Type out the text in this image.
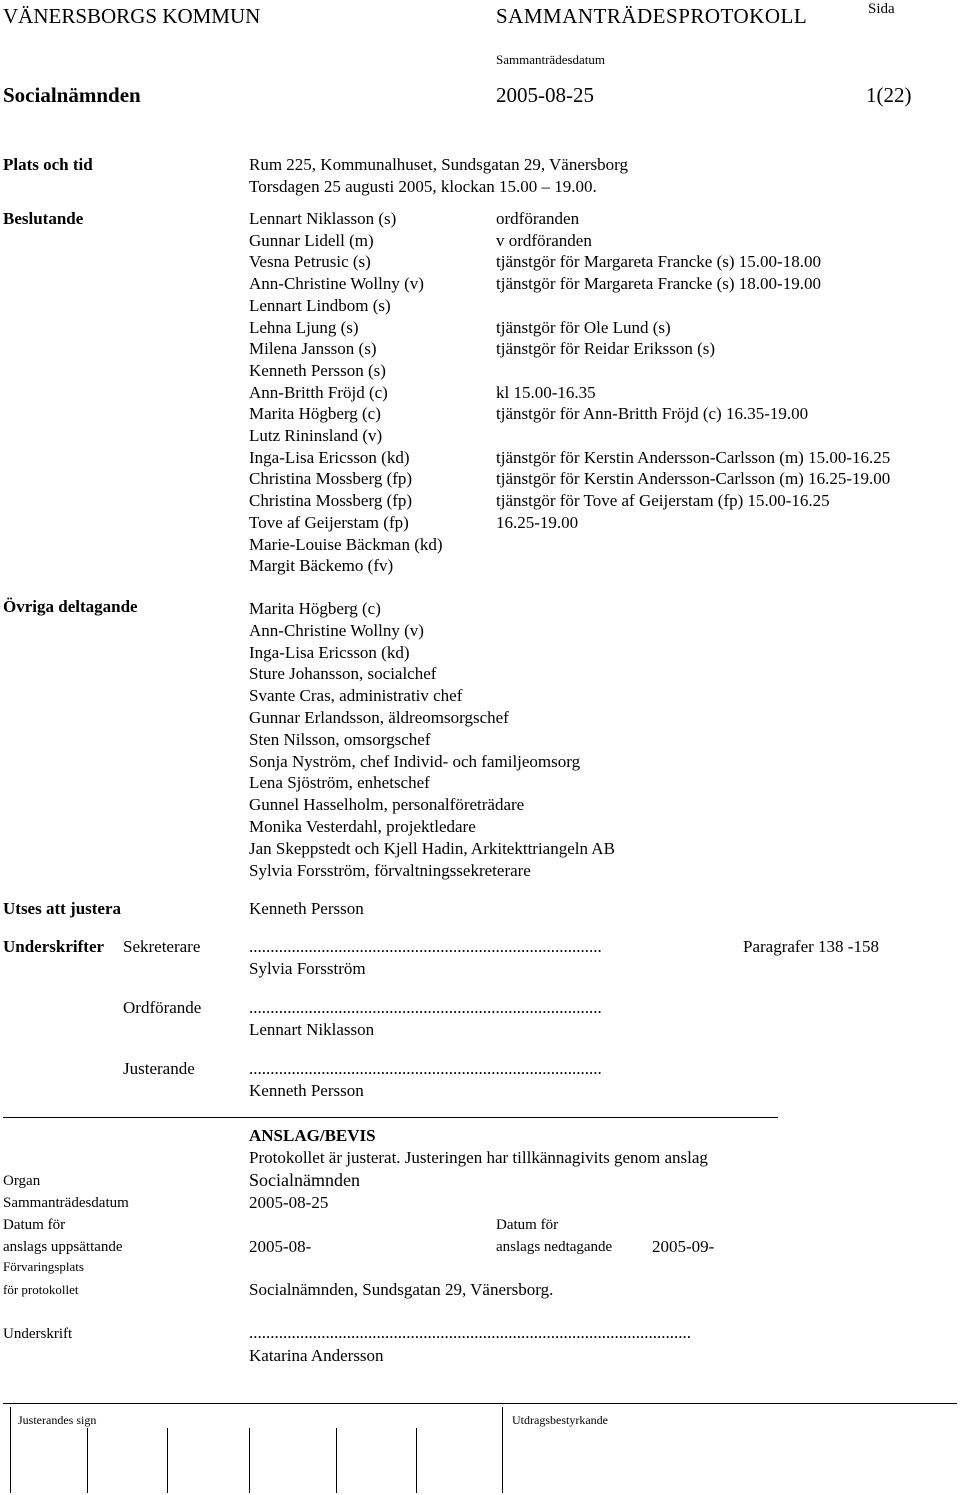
VÄNERSBORGS KOMMUN	SAMMANTRÄDESPROTOKOLL	Sida
Sammanträdesdatum
Socialnämnden	2005-08-25	1(22)
Plats och tid	Rum 225, Kommunalhuset, Sundsgatan 29, Vänersborg
Torsdagen 25 augusti 2005, klockan 15.00 – 19.00.
Beslutande	Lennart Niklasson (s)	ordföranden
Gunnar Lidell (m)	v ordföranden
Vesna Petrusic (s)	tjänstgör för Margareta Francke (s) 15.00-18.00
Ann-Christine Wollny (v)	tjänstgör för Margareta Francke (s) 18.00-19.00
Lennart Lindbom (s)
Lehna Ljung (s)	tjänstgör för Ole Lund (s)
Milena Jansson (s)	tjänstgör för Reidar Eriksson (s)
Kenneth Persson (s)
Ann-Britth Fröjd (c)	kl 15.00-16.35
Marita Högberg (c)	tjänstgör för Ann-Britth Fröjd (c) 16.35-19.00
Lutz Rininsland (v)
Inga-Lisa Ericsson (kd)	tjänstgör för Kerstin Andersson-Carlsson (m) 15.00-16.25
Christina Mossberg (fp)	tjänstgör för Kerstin Andersson-Carlsson (m) 16.25-19.00
Christina Mossberg (fp)	tjänstgör för Tove af Geijerstam (fp) 15.00-16.25
Tove af Geijerstam (fp)	16.25-19.00
Marie-Louise Bäckman (kd)
Margit Bäckemo (fv)
Övriga deltagande	Marita Högberg (c)
Ann-Christine Wollny (v)
Inga-Lisa Ericsson (kd)
Sture Johansson, socialchef
Svante Cras, administrativ chef
Gunnar Erlandsson, äldreomsorgschef
Sten Nilsson, omsorgschef
Sonja Nyström, chef Individ- och familjeomsorg
Lena Sjöström, enhetschef
Gunnel Hasselholm, personalföreträdare
Monika Vesterdahl, projektledare
Jan Skeppstedt och Kjell Hadin, Arkitekttriangeln AB
Sylvia Forsström, förvaltningssekreterare
Utses att justera	Kenneth Persson
Underskrifter Sekreterare	...................................................................................	Paragrafer 138 -158
Sylvia Forsström
Ordförande	...................................................................................
Lennart Niklasson
Justerande	...................................................................................
Kenneth Persson
ANSLAG/BEVIS
Protokollet är justerat. Justeringen har tillkännagivits genom anslag
Organ	Socialnämnden
Sammanträdesdatum	2005-08-25
Datum för
anslags uppsättande	2005-08-
Datum för
anslags nedtagande 2005-09-
Förvaringsplats
för protokollet	Socialnämnden, Sundsgatan 29, Vänersborg.
Underskrift	........................................................................................................
Katarina Andersson
Justerandes sign	Utdragsbestyrkande
